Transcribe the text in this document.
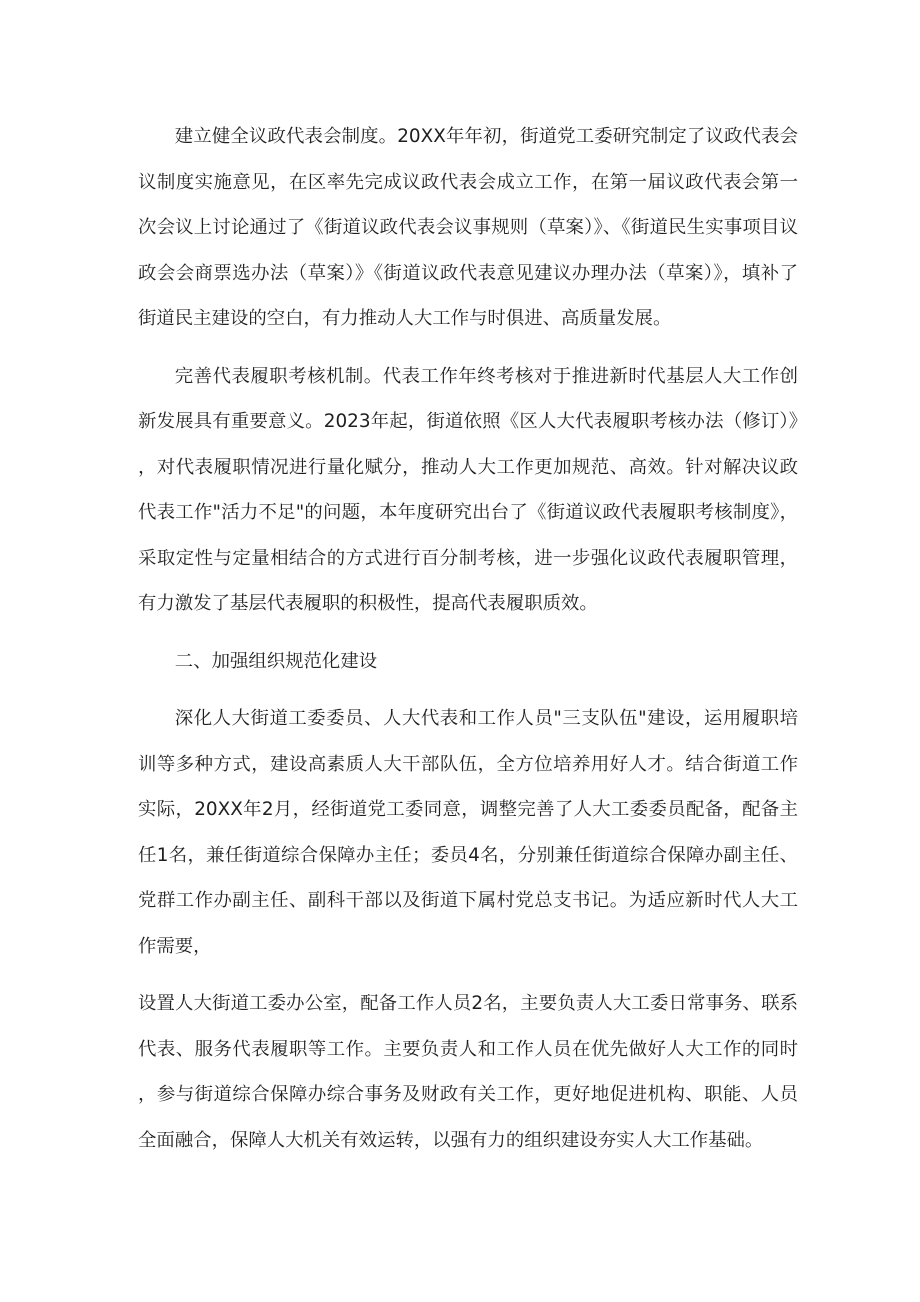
建立健全议政代表会制度。20XX年年初，街道党工委研究制定了议政代表会议制度实施意见，在区率先完成议政代表会成立工作，在第一届议政代表会第一次会议上讨论通过了《街道议政代表会议事规则（草案）》、《街道民生实事项目议政会会商票选办法（草案）》《街道议政代表意见建议办理办法（草案）》，填补了街道民主建设的空白，有力推动人大工作与时俱进、高质量发展。

完善代表履职考核机制。代表工作年终考核对于推进新时代基层人大工作创新发展具有重要意义。2023年起，街道依照《区人大代表履职考核办法（修订）》，对代表履职情况进行量化赋分，推动人大工作更加规范、高效。针对解决议政代表工作"活力不足"的问题，本年度研究出台了《街道议政代表履职考核制度》，采取定性与定量相结合的方式进行百分制考核，进一步强化议政代表履职管理，有力激发了基层代表履职的积极性，提高代表履职质效。

二、加强组织规范化建设

深化人大街道工委委员、人大代表和工作人员"三支队伍"建设，运用履职培训等多种方式，建设高素质人大干部队伍，全方位培养用好人才。结合街道工作实际，20XX年2月，经街道党工委同意，调整完善了人大工委委员配备，配备主任1名，兼任街道综合保障办主任；委员4名，分别兼任街道综合保障办副主任、党群工作办副主任、副科干部以及街道下属村党总支书记。为适应新时代人大工作需要，

设置人大街道工委办公室，配备工作人员2名，主要负责人大工委日常事务、联系代表、服务代表履职等工作。主要负责人和工作人员在优先做好人大工作的同时，参与街道综合保障办综合事务及财政有关工作，更好地促进机构、职能、人员全面融合，保障人大机关有效运转，以强有力的组织建设夯实人大工作基础。
